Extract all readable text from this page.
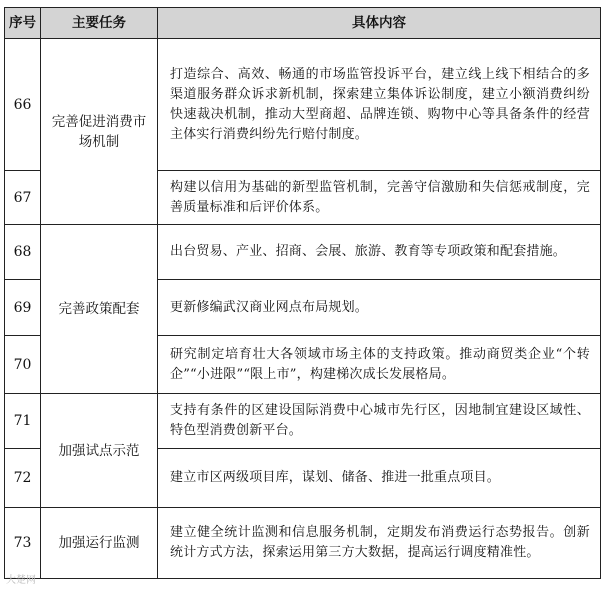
序号	主要任务	具体内容
66	完善促进消费市场机制	打造综合、高效、畅通的市场监管投诉平台，建立线上线下相结合的多渠道服务群众诉求新机制，探索建立集体诉讼制度，建立小额消费纠纷快速裁决机制，推动大型商超、品牌连锁、购物中心等具备条件的经营主体实行消费纠纷先行赔付制度。
67		构建以信用为基础的新型监管机制，完善守信激励和失信惩戒制度，完善质量标准和后评价体系。
68	完善政策配套	出台贸易、产业、招商、会展、旅游、教育等专项政策和配套措施。
69		更新修编武汉商业网点布局规划。
70		研究制定培育壮大各领域市场主体的支持政策。推动商贸类企业“个转企”“小进限”“限上市”，构建梯次成长发展格局。
71	加强试点示范	支持有条件的区建设国际消费中心城市先行区，因地制宜建设区域性、特色型消费创新平台。
72		建立市区两级项目库，谋划、储备、推进一批重点项目。
73	加强运行监测	建立健全统计监测和信息服务机制，定期发布消费运行态势报告。创新统计方式方法，探索运用第三方大数据，提高运行调度精准性。
大楚网
